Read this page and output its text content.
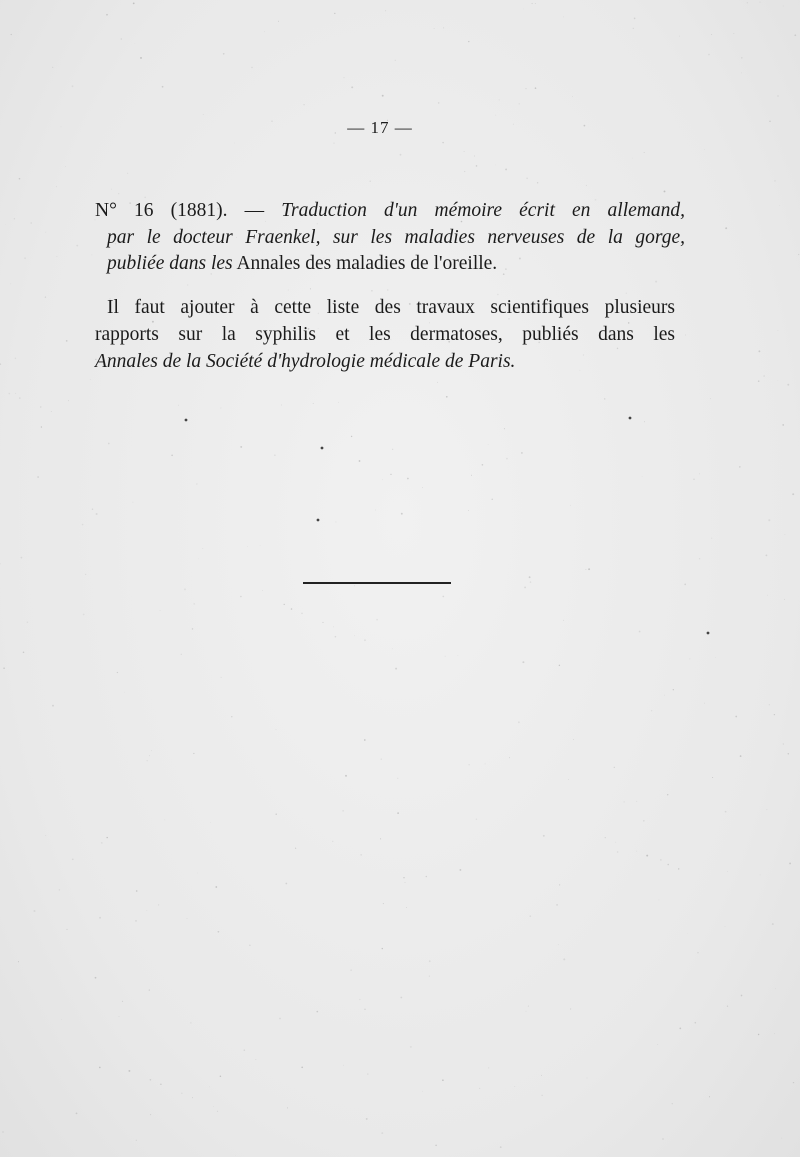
— 17 —
N° 16 (1881). — Traduction d'un mémoire écrit en allemand,
par le docteur Fraenkel, sur les maladies nerveuses de la gorge,
publiée dans les Annales des maladies de l'oreille.
Il faut ajouter à cette liste des travaux scientifiques plusieurs
rapports sur la syphilis et les dermatoses, publiés dans les
Annales de la Société d'hydrologie médicale de Paris.
